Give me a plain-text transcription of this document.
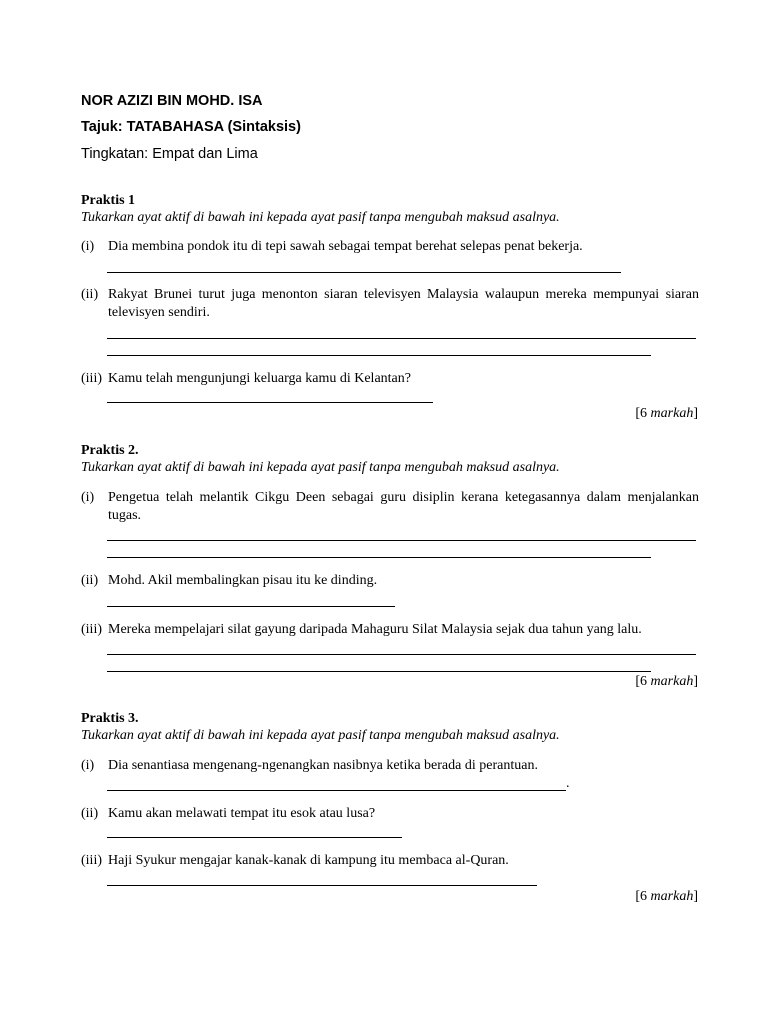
NOR AZIZI BIN MOHD. ISA
Tajuk: TATABAHASA (Sintaksis)
Tingkatan: Empat dan Lima
Praktis 1
Tukarkan ayat aktif di bawah ini kepada ayat pasif tanpa mengubah maksud asalnya.
(i) Dia membina pondok itu di tepi sawah sebagai tempat berehat selepas penat bekerja.
(ii) Rakyat Brunei turut juga menonton siaran televisyen Malaysia walaupun mereka mempunyai siaran televisyen sendiri.
(iii) Kamu telah mengunjungi keluarga kamu di Kelantan?
[6 markah]
Praktis 2.
Tukarkan ayat aktif di bawah ini kepada ayat pasif tanpa mengubah maksud asalnya.
(i) Pengetua telah melantik Cikgu Deen sebagai guru disiplin kerana ketegasannya dalam menjalankan tugas.
(ii) Mohd. Akil membalingkan pisau itu ke dinding.
(iii) Mereka mempelajari silat gayung daripada Mahaguru Silat Malaysia sejak dua tahun yang lalu.
[6 markah]
Praktis 3.
Tukarkan ayat aktif di bawah ini kepada ayat pasif tanpa mengubah maksud asalnya.
(i) Dia senantiasa mengenang-ngenangkan nasibnya ketika berada di perantuan.
.
(ii) Kamu akan melawati tempat itu esok atau lusa?
(iii) Haji Syukur mengajar kanak-kanak di kampung itu membaca al-Quran.
[6 markah]
